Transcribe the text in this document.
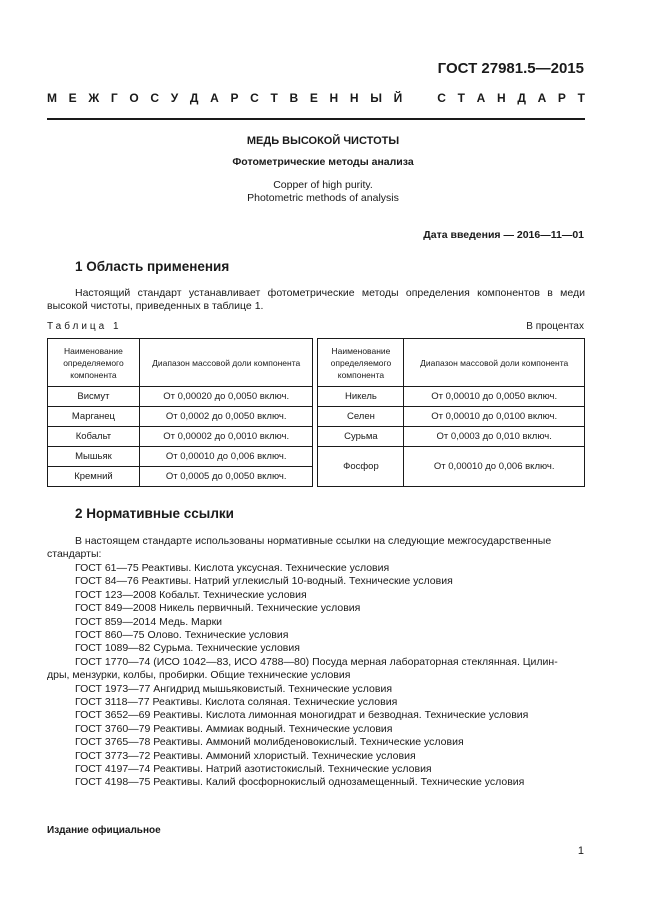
ГОСТ 27981.5—2015
М Е Ж Г О С У Д А Р С Т В Е Н Н Ы Й	С Т А Н Д А Р Т
МЕДЬ ВЫСОКОЙ ЧИСТОТЫ
Фотометрические методы анализа
Copper of high purity.
Photometric methods of analysis
Дата введения — 2016—11—01
1 Область применения
Настоящий стандарт устанавливает фотометрические методы определения компонентов в меди высокой чистоты, приведенных в таблице 1.
Таблица 1	В процентах
Наименование определяемого компонента	Диапазон массовой доли компонента		Наименование определяемого компонента	Диапазон массовой доли компонента
Висмут	От 0,00020 до 0,0050 включ.		Никель	От 0,00010 до 0,0050 включ.
Марганец	От 0,0002 до 0,0050 включ.		Селен	От 0,00010 до 0,0100 включ.
Кобальт	От 0,00002 до 0,0010 включ.		Сурьма	От 0,0003 до 0,010 включ.
Мышьяк	От 0,00010 до 0,006 включ.		Фосфор	От 0,00010 до 0,006 включ.
Кремний	От 0,0005 до 0,0050 включ.			
2 Нормативные ссылки
В настоящем стандарте использованы нормативные ссылки на следующие межгосударственные стандарты:
ГОСТ 61—75 Реактивы. Кислота уксусная. Технические условия
ГОСТ 84—76 Реактивы. Натрий углекислый 10-водный. Технические условия
ГОСТ 123—2008 Кобальт. Технические условия
ГОСТ 849—2008 Никель первичный. Технические условия
ГОСТ 859—2014 Медь. Марки
ГОСТ 860—75 Олово. Технические условия
ГОСТ 1089—82 Сурьма. Технические условия
ГОСТ 1770—74 (ИСО 1042—83, ИСО 4788—80) Посуда мерная лабораторная стеклянная. Цилин-
дры, мензурки, колбы, пробирки. Общие технические условия
ГОСТ 1973—77 Ангидрид мышьяковистый. Технические условия
ГОСТ 3118—77 Реактивы. Кислота соляная. Технические условия
ГОСТ 3652—69 Реактивы. Кислота лимонная моногидрат и безводная. Технические условия
ГОСТ 3760—79 Реактивы. Аммиак водный. Технические условия
ГОСТ 3765—78 Реактивы. Аммоний молибденовокислый. Технические условия
ГОСТ 3773—72 Реактивы. Аммоний хлористый. Технические условия
ГОСТ 4197—74 Реактивы. Натрий азотистокислый. Технические условия
ГОСТ 4198—75 Реактивы. Калий фосфорнокислый однозамещенный. Технические условия
Издание официальное
1
